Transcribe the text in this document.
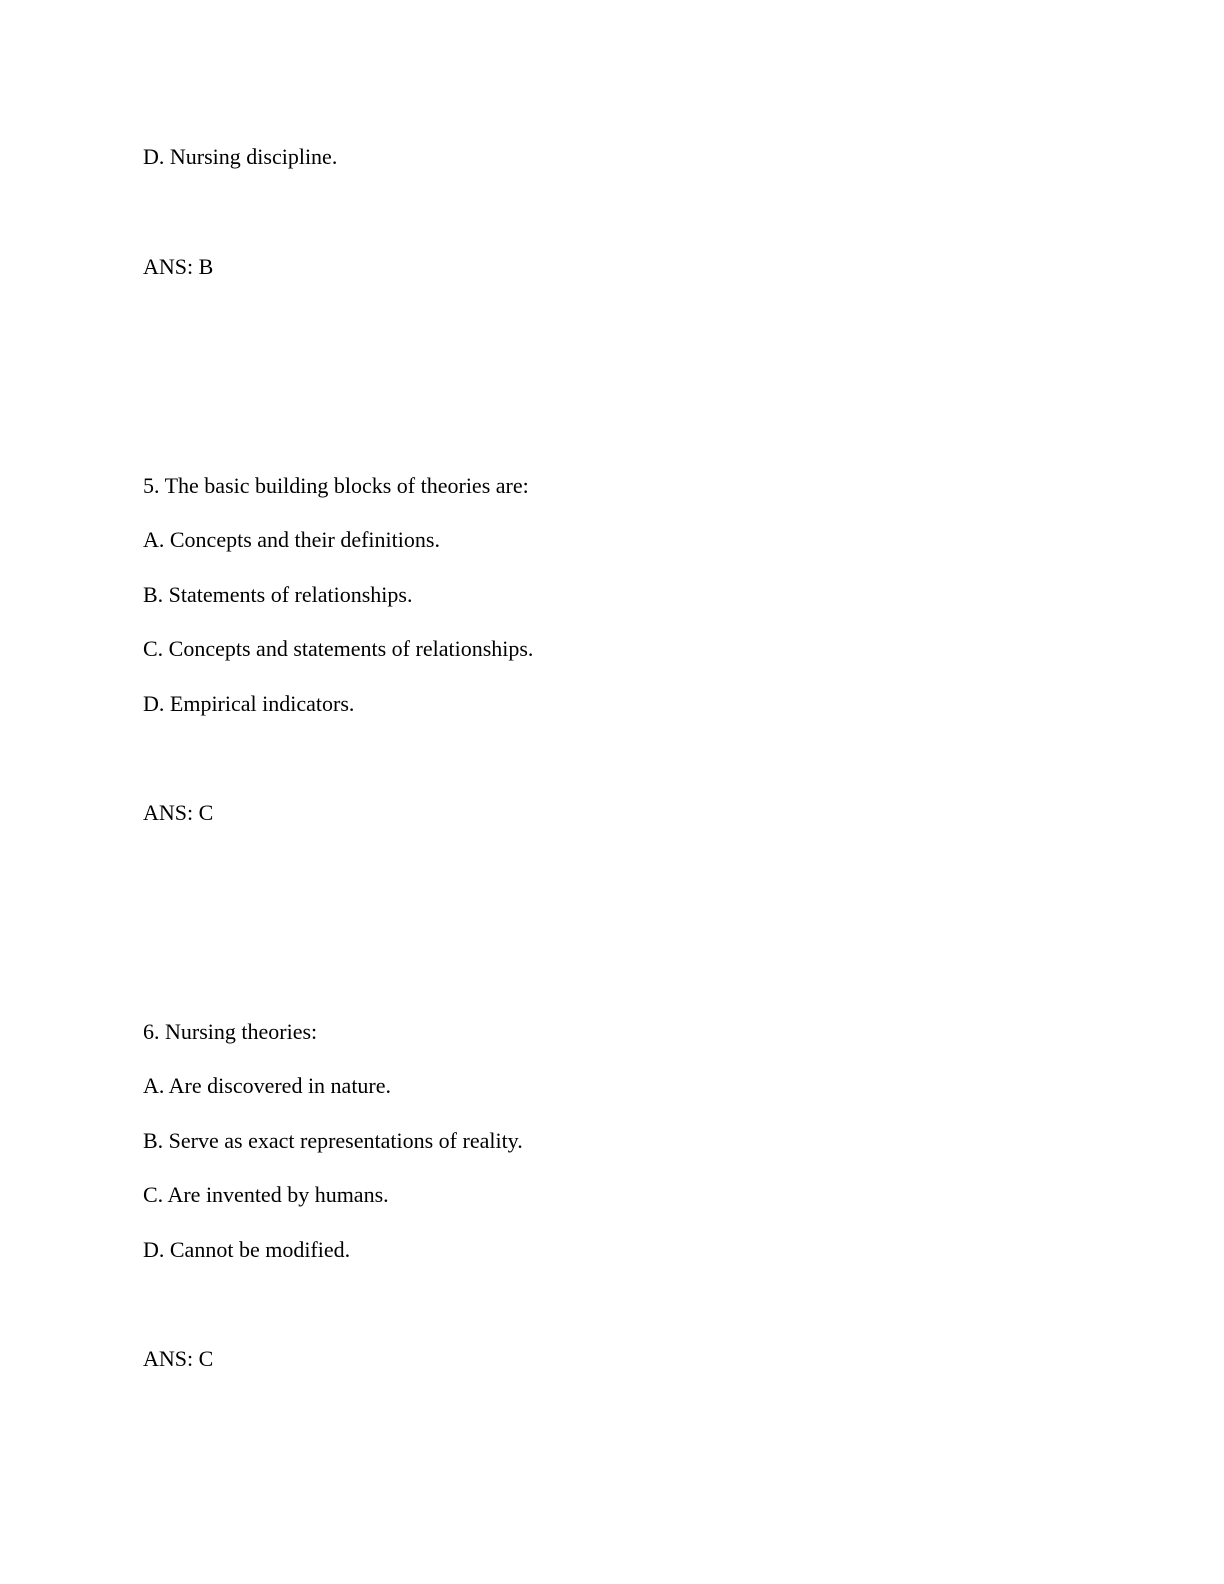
D. Nursing discipline.
ANS: B
5. The basic building blocks of theories are:
A. Concepts and their definitions.
B. Statements of relationships.
C. Concepts and statements of relationships.
D. Empirical indicators.
ANS: C
6. Nursing theories:
A. Are discovered in nature.
B. Serve as exact representations of reality.
C. Are invented by humans.
D. Cannot be modified.
ANS: C
